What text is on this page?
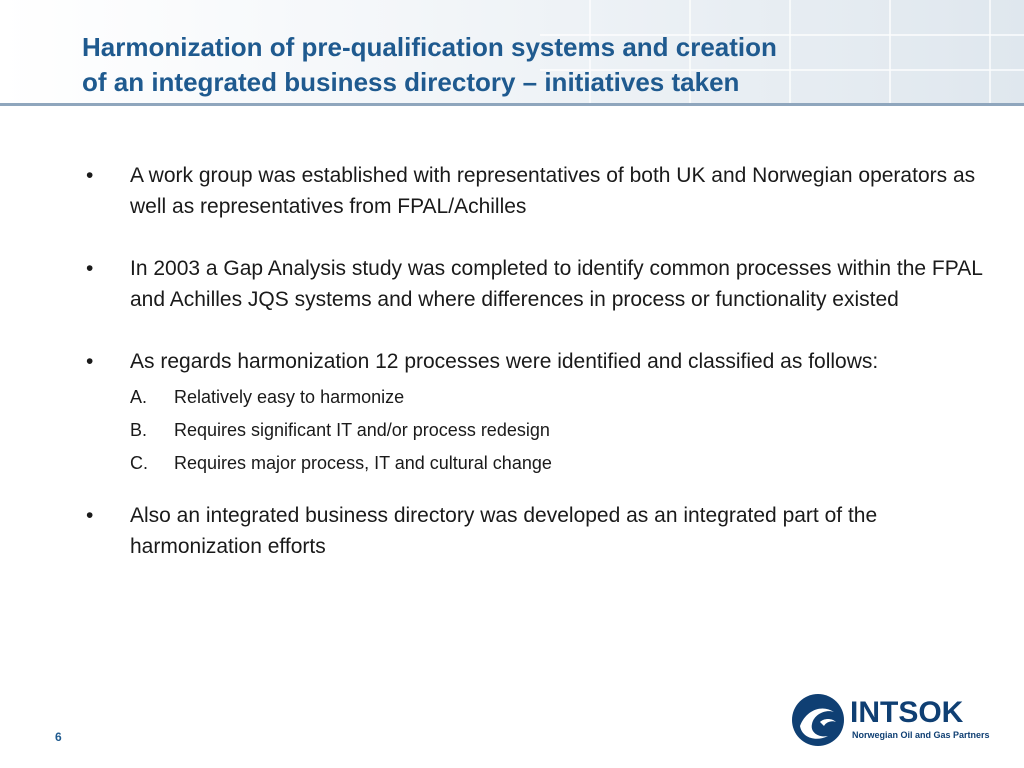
Harmonization of pre-qualification systems and creation
of an integrated business directory – initiatives taken
•	A work group was established with representatives of both UK and Norwegian operators as well as representatives from FPAL/Achilles
•	In 2003 a Gap Analysis study was completed to identify common processes within the FPAL and Achilles JQS systems and where differences in process or functionality existed
•	As regards harmonization 12 processes were identified and classified as follows:
A. Relatively easy to harmonize
B. Requires significant IT and/or process redesign
C. Requires major process, IT and cultural change
•	Also an integrated business directory was developed as an integrated part of the harmonization efforts
6
INTSOK
Norwegian Oil and Gas Partners
